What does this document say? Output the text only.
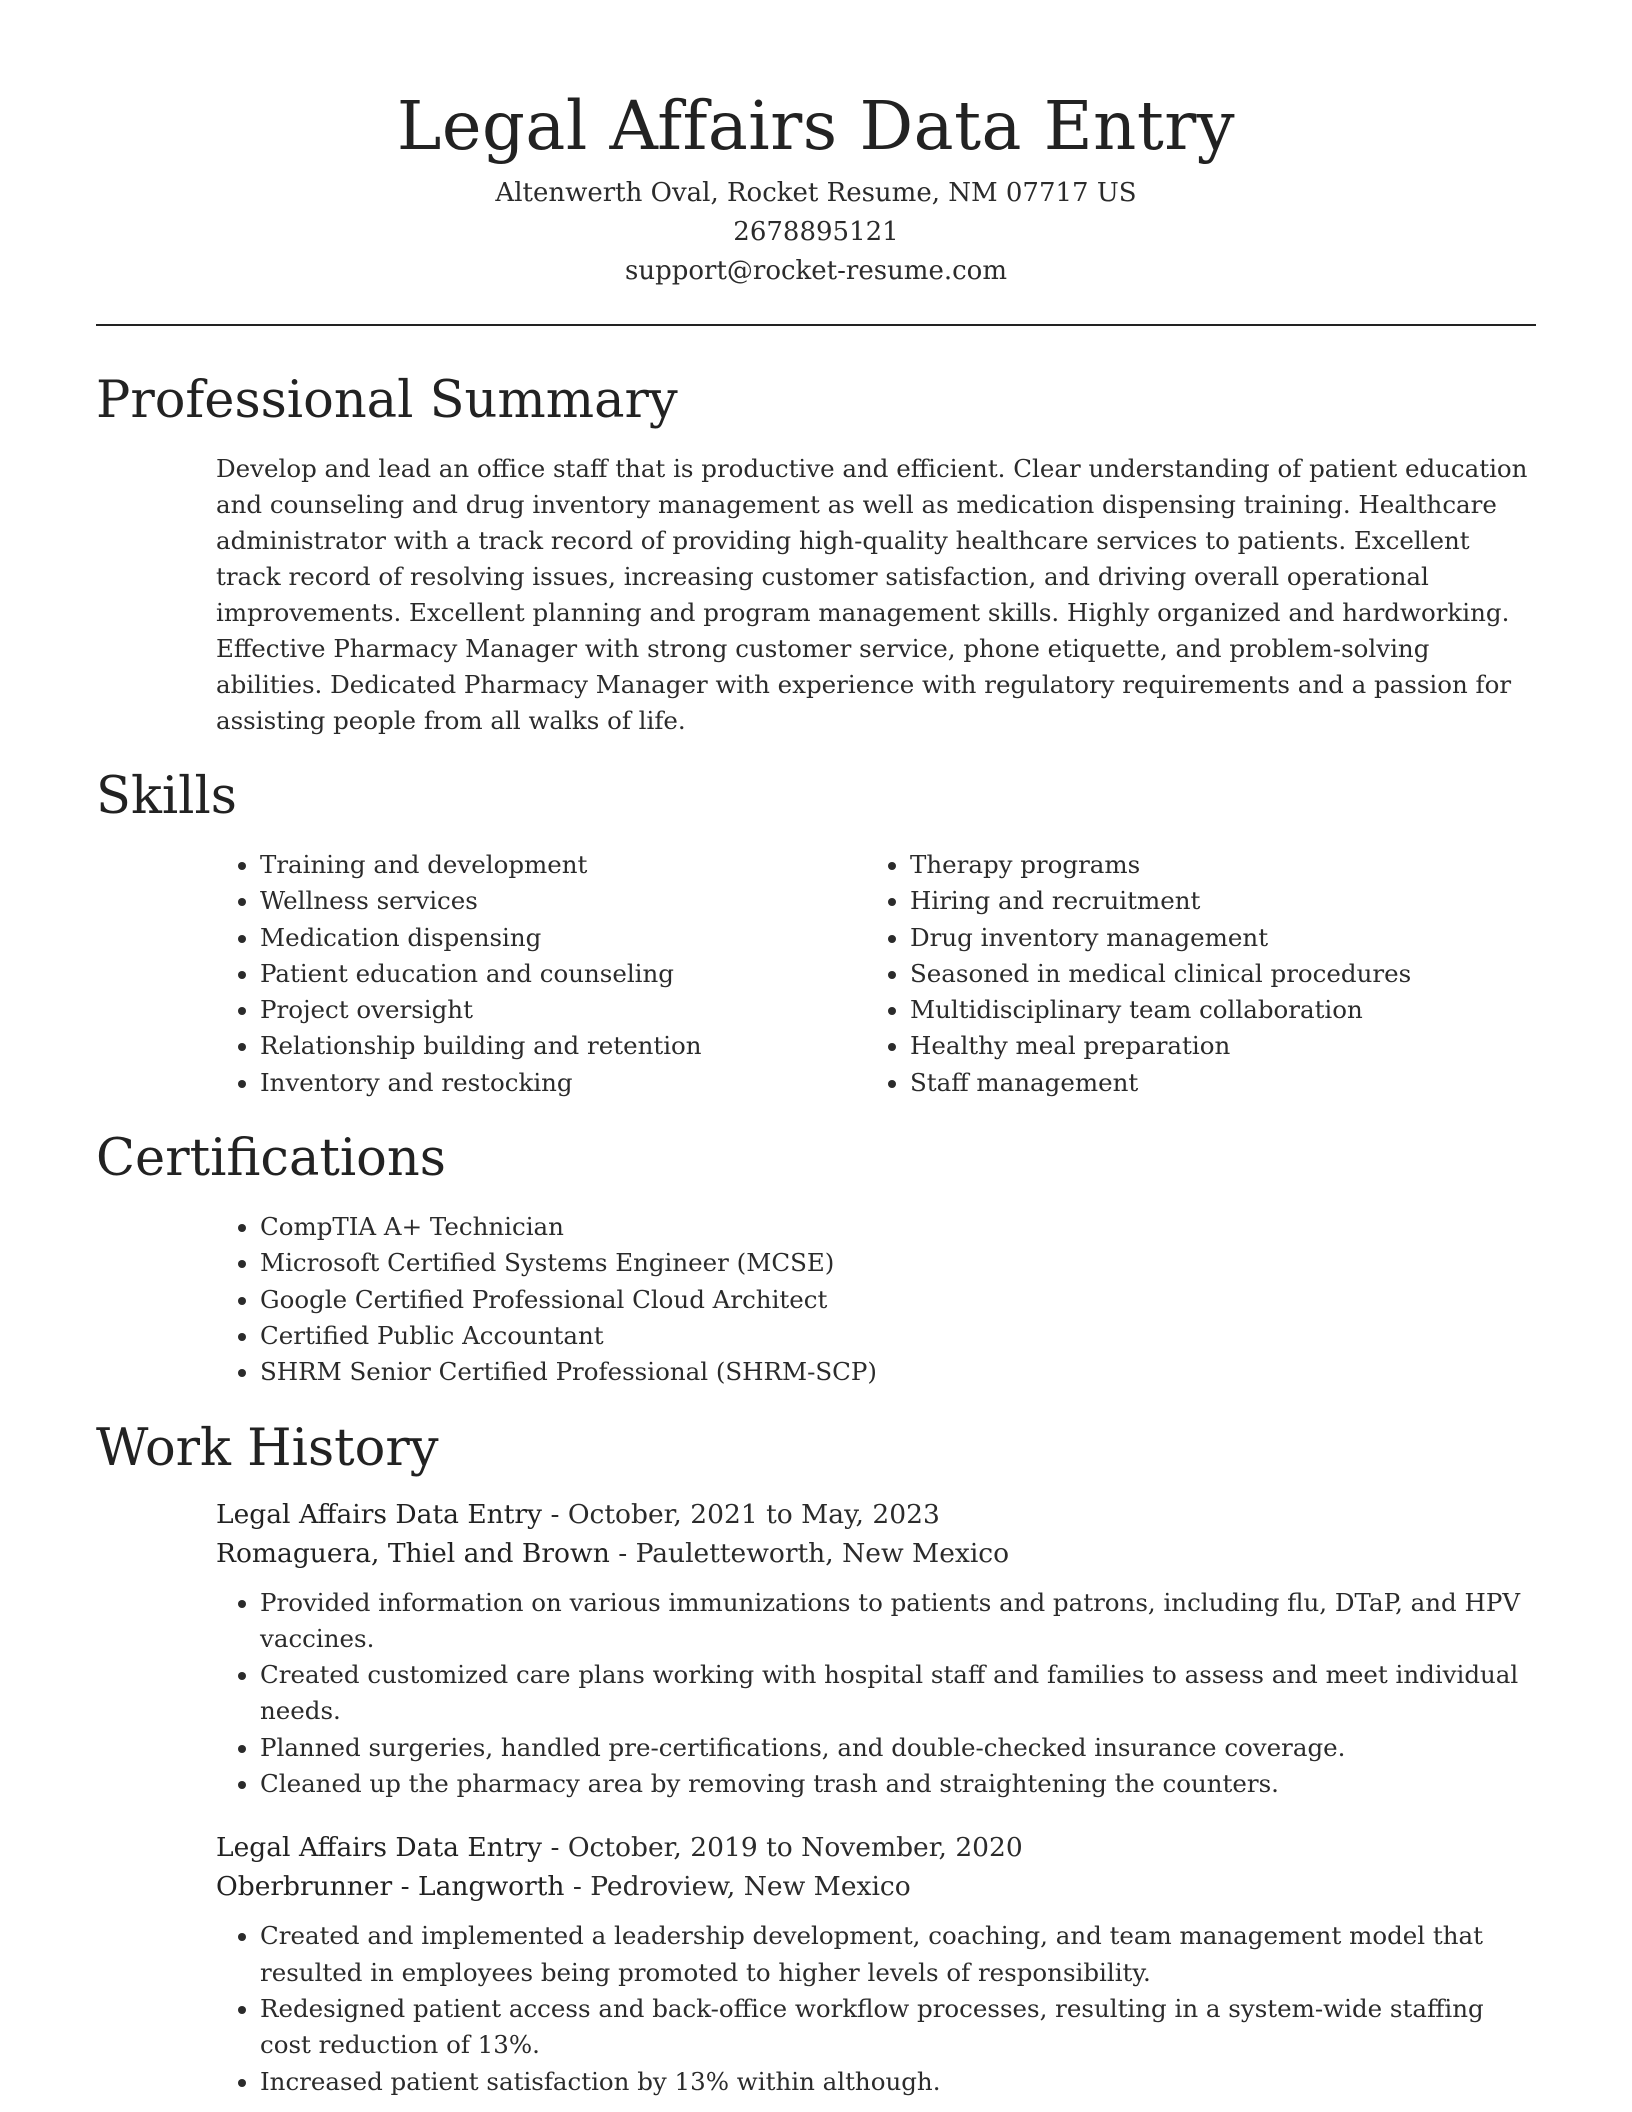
Legal Affairs Data Entry
Altenwerth Oval, Rocket Resume, NM 07717 US
2678895121
support@rocket-resume.com
Professional Summary

Develop and lead an office staff that is productive and efficient. Clear understanding of patient education and counseling and drug inventory management as well as medication dispensing training. Healthcare administrator with a track record of providing high-quality healthcare services to patients. Excellent track record of resolving issues, increasing customer satisfaction, and driving overall operational improvements. Excellent planning and program management skills. Highly organized and hardworking. Effective Pharmacy Manager with strong customer service, phone etiquette, and problem-solving abilities. Dedicated Pharmacy Manager with experience with regulatory requirements and a passion for assisting people from all walks of life.

Skills
• Training and development
• Wellness services
• Medication dispensing
• Patient education and counseling
• Project oversight
• Relationship building and retention
• Inventory and restocking
• Therapy programs
• Hiring and recruitment
• Drug inventory management
• Seasoned in medical clinical procedures
• Multidisciplinary team collaboration
• Healthy meal preparation
• Staff management
Certifications
• CompTIA A+ Technician
• Microsoft Certified Systems Engineer (MCSE)
• Google Certified Professional Cloud Architect
• Certified Public Accountant
• SHRM Senior Certified Professional (SHRM-SCP)
Work History
Legal Affairs Data Entry - October, 2021 to May, 2023
Romaguera, Thiel and Brown - Pauletteworth, New Mexico
• Provided information on various immunizations to patients and patrons, including flu, DTaP, and HPV vaccines.
• Created customized care plans working with hospital staff and families to assess and meet individual needs.
• Planned surgeries, handled pre-certifications, and double-checked insurance coverage.
• Cleaned up the pharmacy area by removing trash and straightening the counters.
Legal Affairs Data Entry - October, 2019 to November, 2020
Oberbrunner - Langworth - Pedroview, New Mexico
• Created and implemented a leadership development, coaching, and team management model that resulted in employees being promoted to higher levels of responsibility.
• Redesigned patient access and back-office workflow processes, resulting in a system-wide staffing cost reduction of 13%.
• Increased patient satisfaction by 13% within although.
